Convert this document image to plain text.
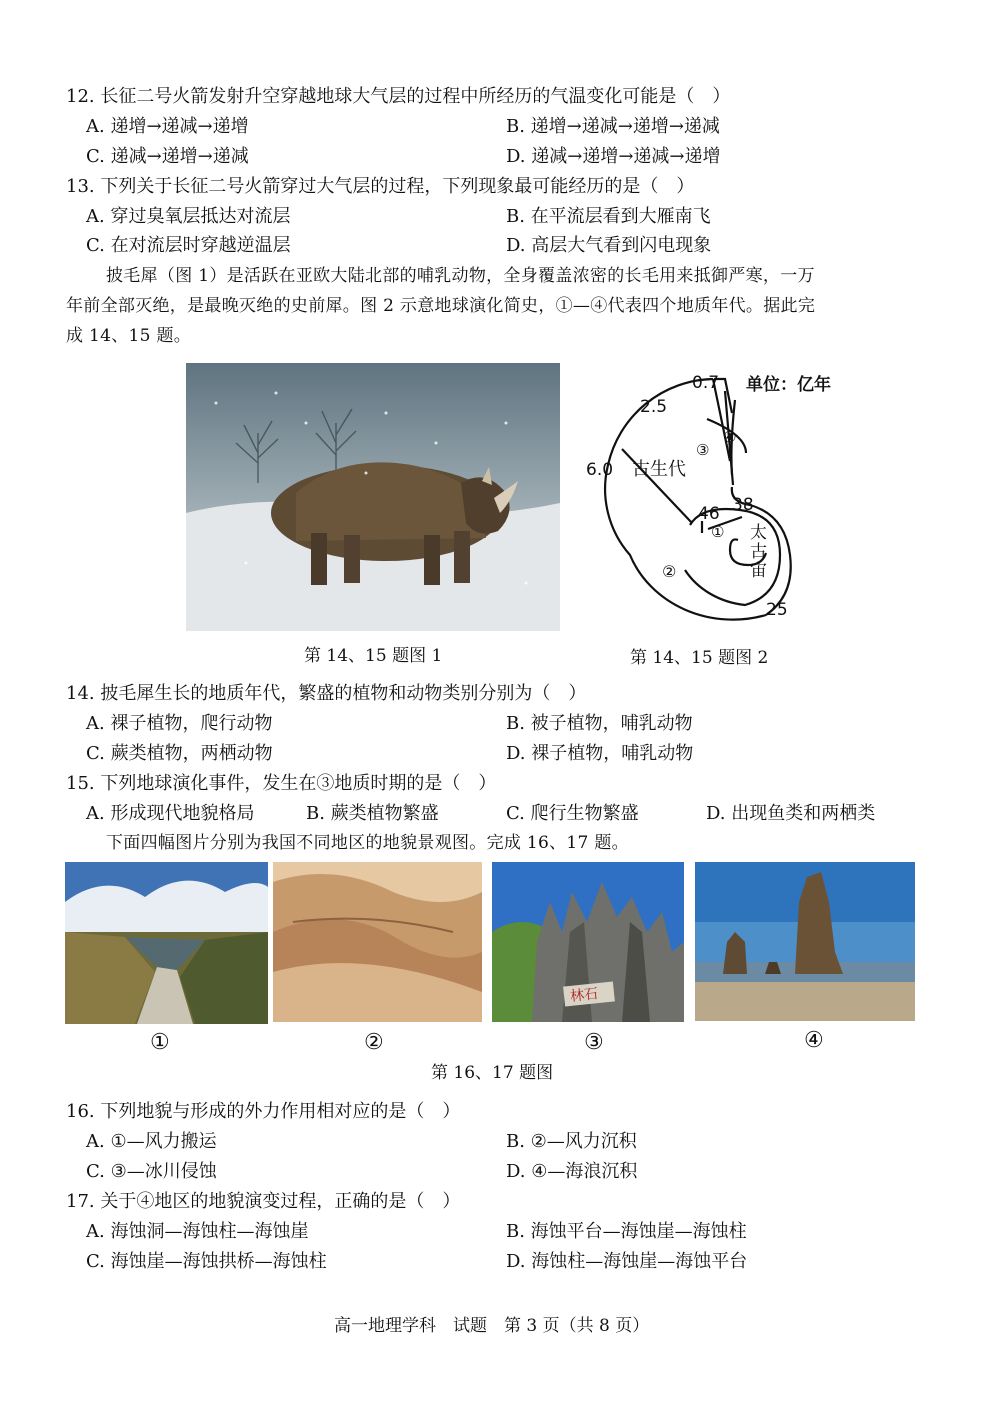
12. 长征二号火箭发射升空穿越地球大气层的过程中所经历的气温变化可能是（　）
A. 递增→递减→递增	B. 递增→递减→递增→递减
C. 递减→递增→递减	D. 递减→递增→递减→递增
13. 下列关于长征二号火箭穿过大气层的过程，下列现象最可能经历的是（　）
A. 穿过臭氧层抵达对流层	B. 在平流层看到大雁南飞
C. 在对流层时穿越逆温层	D. 高层大气看到闪电现象
披毛犀（图 1）是活跃在亚欧大陆北部的哺乳动物，全身覆盖浓密的长毛用来抵御严寒，一万
年前全部灭绝，是最晚灭绝的史前犀。图 2 示意地球演化简史，①—④代表四个地质年代。据此完
成 14、15 题。
第 14、15 题图 1
0.7 单位：亿年
2.5
6.0 古生代
③
④
46 38
①
②
太
古
宙
25
第 14、15 题图 2
14. 披毛犀生长的地质年代，繁盛的植物和动物类别分别为（　）
A. 裸子植物，爬行动物	B. 被子植物，哺乳动物
C. 蕨类植物，两栖动物	D. 裸子植物，哺乳动物
15. 下列地球演化事件，发生在③地质时期的是（　）
A. 形成现代地貌格局	B. 蕨类植物繁盛	C. 爬行生物繁盛	D. 出现鱼类和两栖类
下面四幅图片分别为我国不同地区的地貌景观图。完成 16、17 题。
林石
①	②	③	④
第 16、17 题图
16. 下列地貌与形成的外力作用相对应的是（　）
A. ①—风力搬运	B. ②—风力沉积
C. ③—冰川侵蚀	D. ④—海浪沉积
17. 关于④地区的地貌演变过程，正确的是（　）
A. 海蚀洞—海蚀柱—海蚀崖	B. 海蚀平台—海蚀崖—海蚀柱
C. 海蚀崖—海蚀拱桥—海蚀柱	D. 海蚀柱—海蚀崖—海蚀平台
高一地理学科　试题　第 3 页（共 8 页）
